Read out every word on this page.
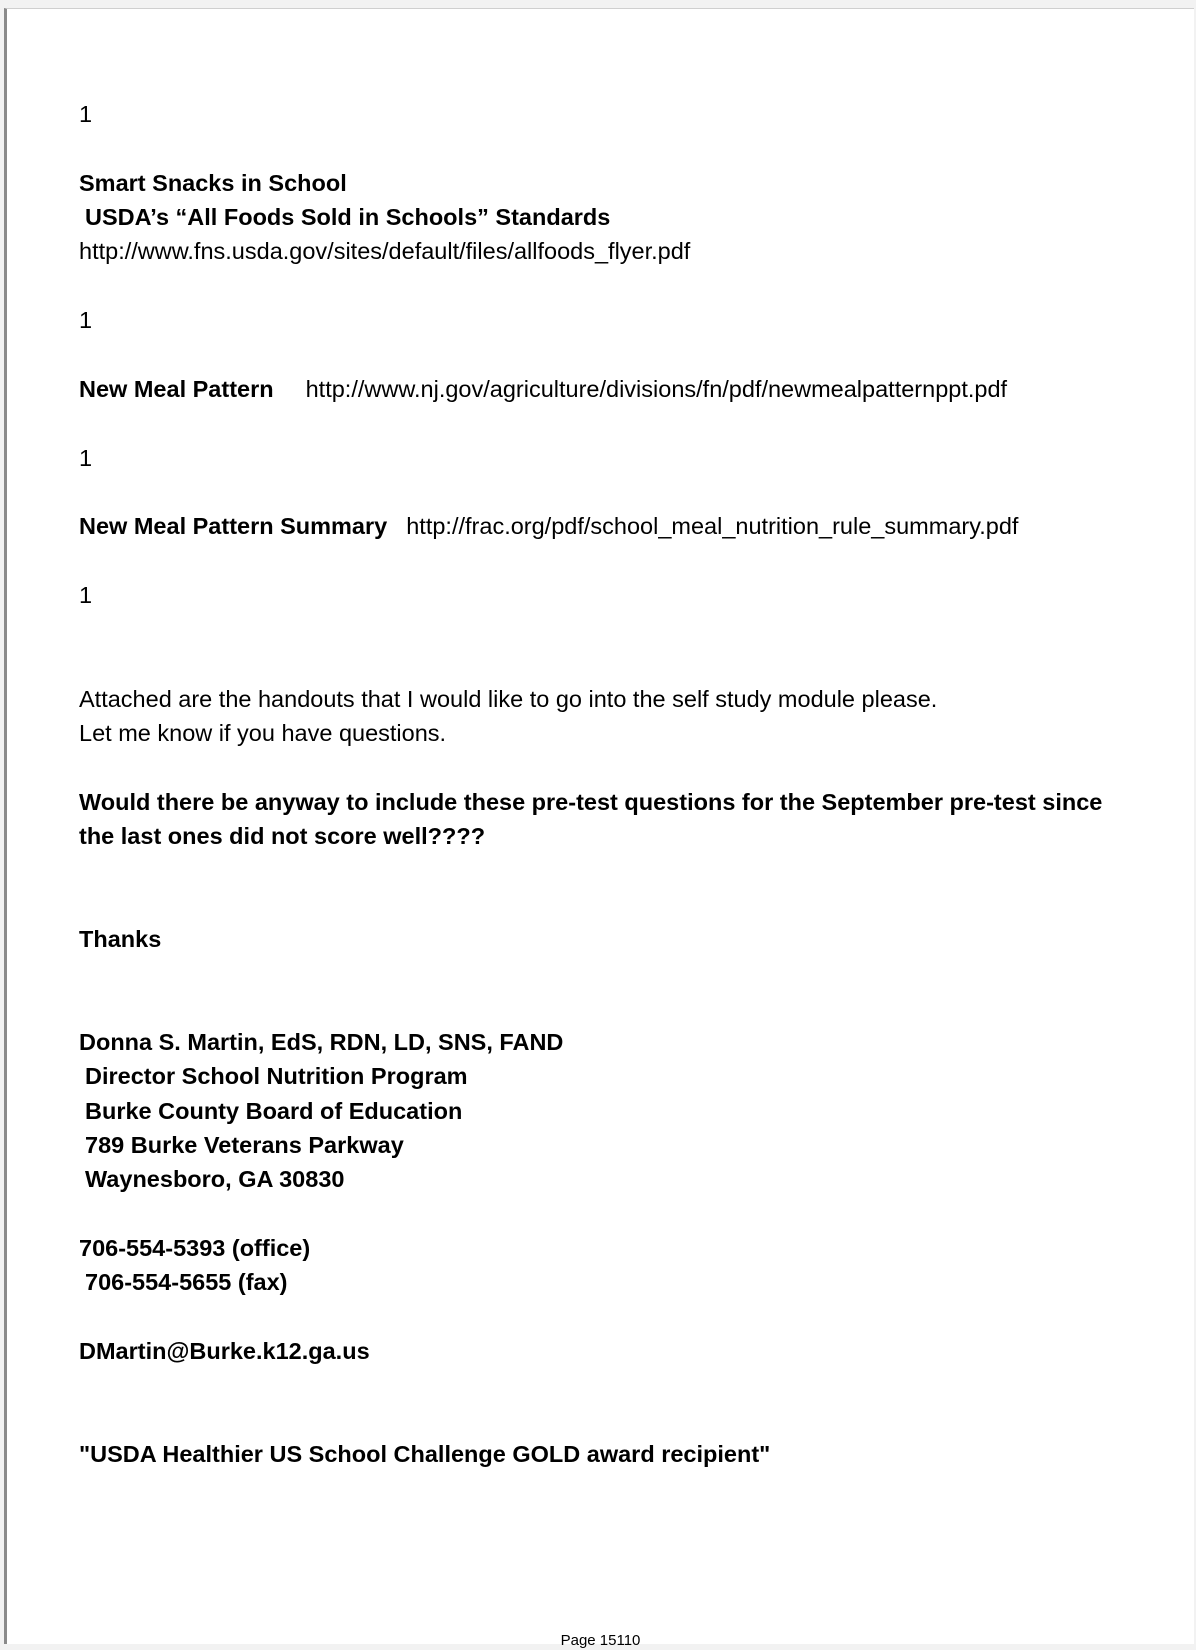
1
Smart Snacks in School
USDA’s “All Foods Sold in Schools” Standards
http://www.fns.usda.gov/sites/default/files/allfoods_flyer.pdf
1
New Meal Pattern http://www.nj.gov/agriculture/divisions/fn/pdf/newmealpatternppt.pdf
1
New Meal Pattern Summary http://frac.org/pdf/school_meal_nutrition_rule_summary.pdf
1
Attached are the handouts that I would like to go into the self study module please.
Let me know if you have questions.
Would there be anyway to include these pre-test questions for the September pre-test since
the last ones did not score well????
Thanks
Donna S. Martin, EdS, RDN, LD, SNS, FAND
Director School Nutrition Program
Burke County Board of Education
789 Burke Veterans Parkway
Waynesboro, GA 30830
706-554-5393 (office)
706-554-5655 (fax)
DMartin@Burke.k12.ga.us
"USDA Healthier US School Challenge GOLD award recipient"
Page 15110
